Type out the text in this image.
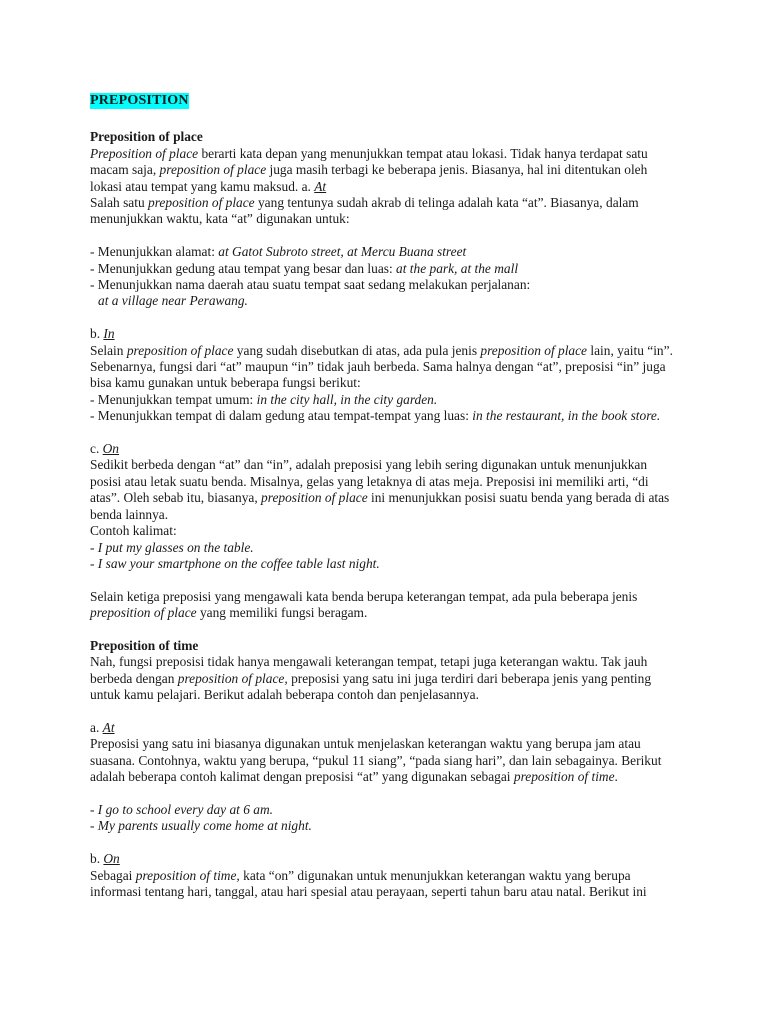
PREPOSITION
Preposition of place
Preposition of place berarti kata depan yang menunjukkan tempat atau lokasi. Tidak hanya terdapat satu macam saja, preposition of place juga masih terbagi ke beberapa jenis. Biasanya, hal ini ditentukan oleh lokasi atau tempat yang kamu maksud. a. At
Salah satu preposition of place yang tentunya sudah akrab di telinga adalah kata “at”. Biasanya, dalam menunjukkan waktu, kata “at” digunakan untuk:
- Menunjukkan alamat: at Gatot Subroto street, at Mercu Buana street
- Menunjukkan gedung atau tempat yang besar dan luas: at the park, at the mall
- Menunjukkan nama daerah atau suatu tempat saat sedang melakukan perjalanan:
at a village near Perawang.
b. In
Selain preposition of place yang sudah disebutkan di atas, ada pula jenis preposition of place lain, yaitu “in”. Sebenarnya, fungsi dari “at” maupun “in” tidak jauh berbeda. Sama halnya dengan “at”, preposisi “in” juga bisa kamu gunakan untuk beberapa fungsi berikut:
- Menunjukkan tempat umum: in the city hall, in the city garden.
- Menunjukkan tempat di dalam gedung atau tempat-tempat yang luas: in the restaurant, in the book store.
c. On
Sedikit berbeda dengan “at” dan “in”, adalah preposisi yang lebih sering digunakan untuk menunjukkan posisi atau letak suatu benda. Misalnya, gelas yang letaknya di atas meja. Preposisi ini memiliki arti, “di atas”. Oleh sebab itu, biasanya, preposition of place ini menunjukkan posisi suatu benda yang berada di atas benda lainnya.
Contoh kalimat:
- I put my glasses on the table.
- I saw your smartphone on the coffee table last night.
Selain ketiga preposisi yang mengawali kata benda berupa keterangan tempat, ada pula beberapa jenis preposition of place yang memiliki fungsi beragam.
Preposition of time
Nah, fungsi preposisi tidak hanya mengawali keterangan tempat, tetapi juga keterangan waktu. Tak jauh berbeda dengan preposition of place, preposisi yang satu ini juga terdiri dari beberapa jenis yang penting untuk kamu pelajari. Berikut adalah beberapa contoh dan penjelasannya.
a. At
Preposisi yang satu ini biasanya digunakan untuk menjelaskan keterangan waktu yang berupa jam atau suasana. Contohnya, waktu yang berupa, “pukul 11 siang”, “pada siang hari”, dan lain sebagainya. Berikut adalah beberapa contoh kalimat dengan preposisi “at” yang digunakan sebagai preposition of time.
- I go to school every day at 6 am.
- My parents usually come home at night.
b. On
Sebagai preposition of time, kata “on” digunakan untuk menunjukkan keterangan waktu yang berupa informasi tentang hari, tanggal, atau hari spesial atau perayaan, seperti tahun baru atau natal. Berikut ini
